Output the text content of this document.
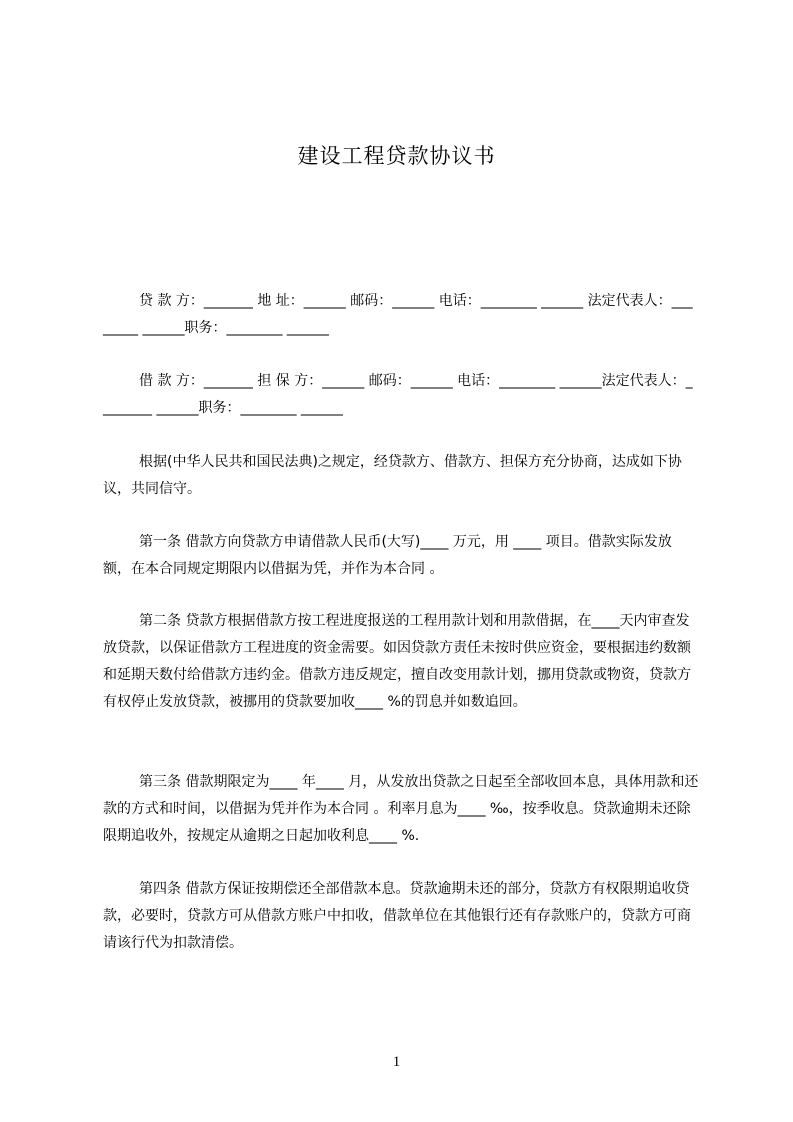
建设工程贷款协议书

贷 款 方：_______ 地 址：______ 邮码：______ 电话：________ ______ 法定代表人：________ ______职务：________ ______

借 款 方：_______ 担 保 方：______ 邮码：______ 电话：________ ______法定代表人：________ ______职务：________ ______

根据(中华人民共和国民法典)之规定，经贷款方、借款方、担保方充分协商，达成如下协议，共同信守。

第一条 借款方向贷款方申请借款人民币(大写)____ 万元，用 ____ 项目。借款实际发放额，在本合同规定期限内以借据为凭，并作为本合同 。

第二条 贷款方根据借款方按工程进度报送的工程用款计划和用款借据，在____天内审查发放贷款，以保证借款方工程进度的资金需要。如因贷款方责任未按时供应资金，要根据违约数额和延期天数付给借款方违约金。借款方违反规定，擅自改变用款计划，挪用贷款或物资，贷款方有权停止发放贷款，被挪用的贷款要加收____ %的罚息并如数追回。

第三条 借款期限定为____ 年____ 月，从发放出贷款之日起至全部收回本息，具体用款和还款的方式和时间，以借据为凭并作为本合同 。利率月息为____ ‰，按季收息。贷款逾期未还除限期追收外，按规定从逾期之日起加收利息____ %.

第四条 借款方保证按期偿还全部借款本息。贷款逾期未还的部分，贷款方有权限期追收贷款，必要时，贷款方可从借款方账户中扣收，借款单位在其他银行还有存款账户的，贷款方可商请该行代为扣款清偿。

1
